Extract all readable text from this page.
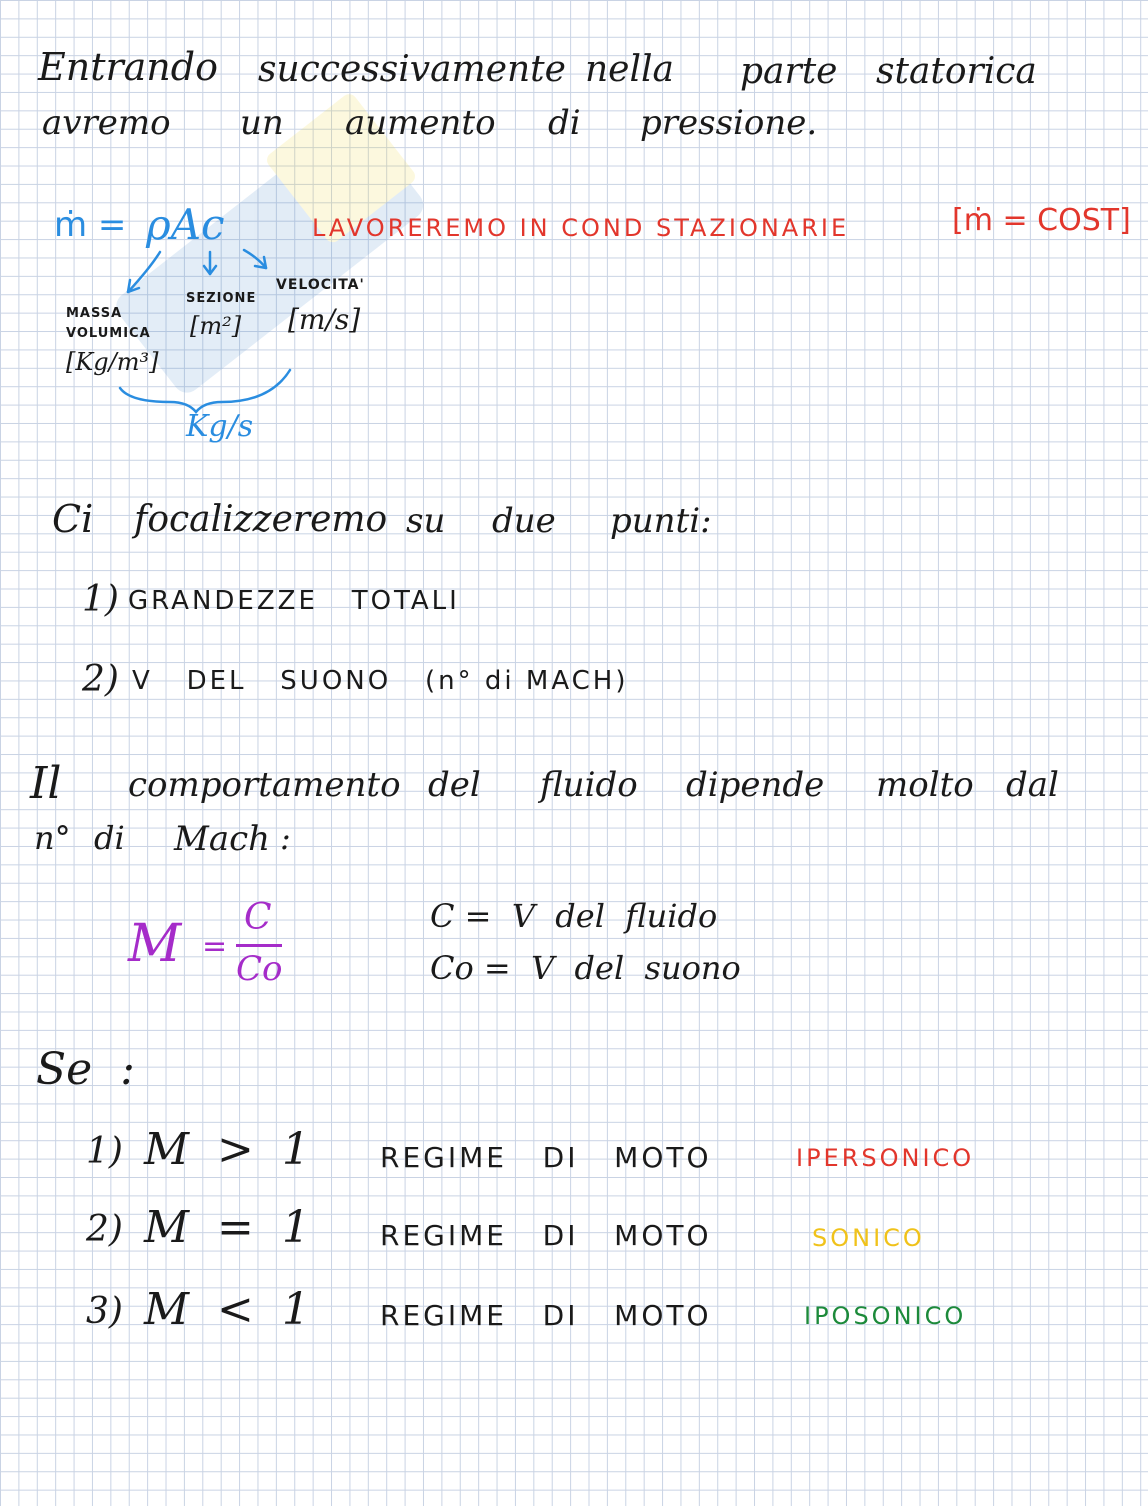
Entrando successivamente nella parte statorica
avremo un aumento di pressione.
ṁ = ρAc	LAVOREREMO IN COND STAZIONARIE	[ṁ = COST]
MASSA
VOLUMICA
[Kg/m³]
SEZIONE
[m²]
VELOCITA'
[m/s]
Kg/s
Ci focalizzeremo su due punti:
1) GRANDEZZE   TOTALI
2) V   DEL   SUONO   (n° di MACH)
Il comportamento del fluido dipende molto dal
n° di Mach :
M =
C
Co
C =  V  del  fluido
Co =  V  del  suono
Se  :
1) M  >  1	REGIME   DI   MOTO	IPERSONICO
2) M  =  1	REGIME   DI   MOTO	SONICO
3) M  <  1	REGIME   DI   MOTO	IPOSONICO
